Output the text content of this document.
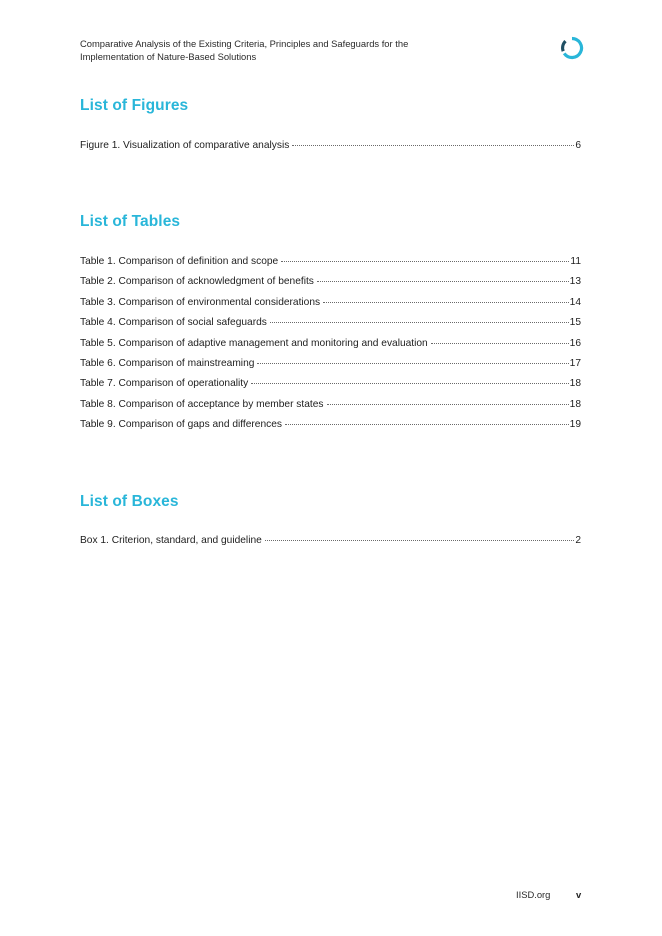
Comparative Analysis of the Existing Criteria, Principles and Safeguards for the
Implementation of Nature-Based Solutions
List of Figures
Figure 1. Visualization of comparative analysis	6
List of Tables
Table 1. Comparison of definition and scope	11
Table 2. Comparison of acknowledgment of benefits	13
Table 3. Comparison of environmental considerations	14
Table 4. Comparison of social safeguards	15
Table 5. Comparison of adaptive management and monitoring and evaluation	16
Table 6. Comparison of mainstreaming	17
Table 7. Comparison of operationality	18
Table 8. Comparison of acceptance by member states	18
Table 9. Comparison of gaps and differences	19
List of Boxes
Box 1. Criterion, standard, and guideline	2
IISD.org	v
